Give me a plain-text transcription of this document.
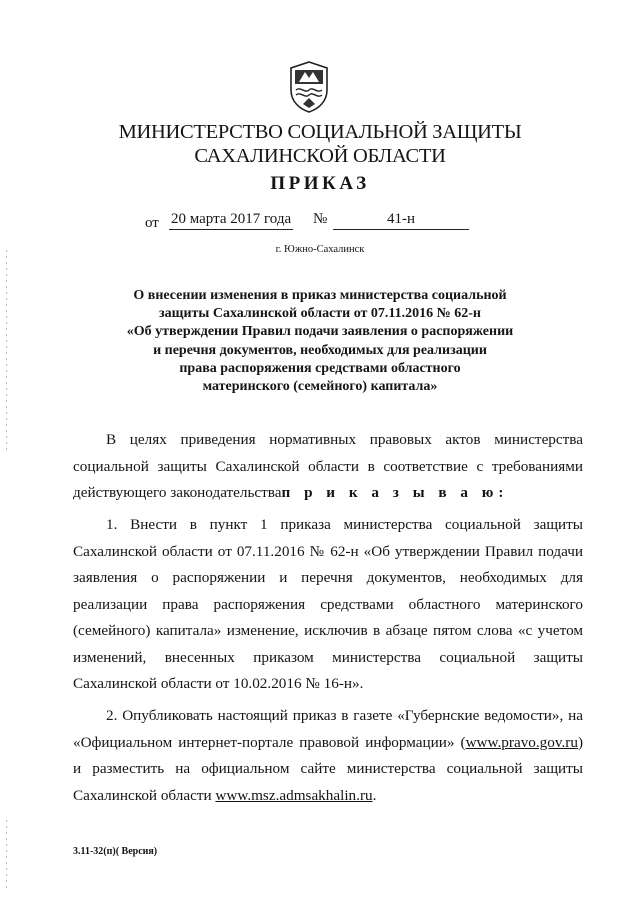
МИНИСТЕРСТВО СОЦИАЛЬНОЙ ЗАЩИТЫ
САХАЛИНСКОЙ ОБЛАСТИ
ПРИКАЗ
от 20 марта 2017 года №	41-н
г. Южно-Сахалинск

О внесении изменения в приказ министерства социальной
защиты Сахалинской области от 07.11.2016 № 62-н
«Об утверждении Правил подачи заявления о распоряжении
и перечня документов, необходимых для реализации
права распоряжения средствами областного
материнского (семейного) капитала»

В целях приведения нормативных правовых актов министерства социальной защиты Сахалинской области в соответствие с требованиями действующего законодательствап р и к а з ы в а ю:

1. Внести в пункт 1 приказа министерства социальной защиты Сахалинской области от 07.11.2016 № 62-н «Об утверждении Правил подачи заявления о распоряжении и перечня документов, необходимых для реализации права распоряжения средствами областного материнского (семейного) капитала» изменение, исключив в абзаце пятом слова «с учетом изменений, внесенных приказом министерства социальной защиты Сахалинской области от 10.02.2016 № 16-н».

2. Опубликовать настоящий приказ в газете «Губернские ведомости», на «Официальном интернет-портале правовой информации» (www.pravo.gov.ru) и разместить на официальном сайте министерства социальной защиты Сахалинской области www.msz.admsakhalin.ru.

3.11-32(п)( Версия)
